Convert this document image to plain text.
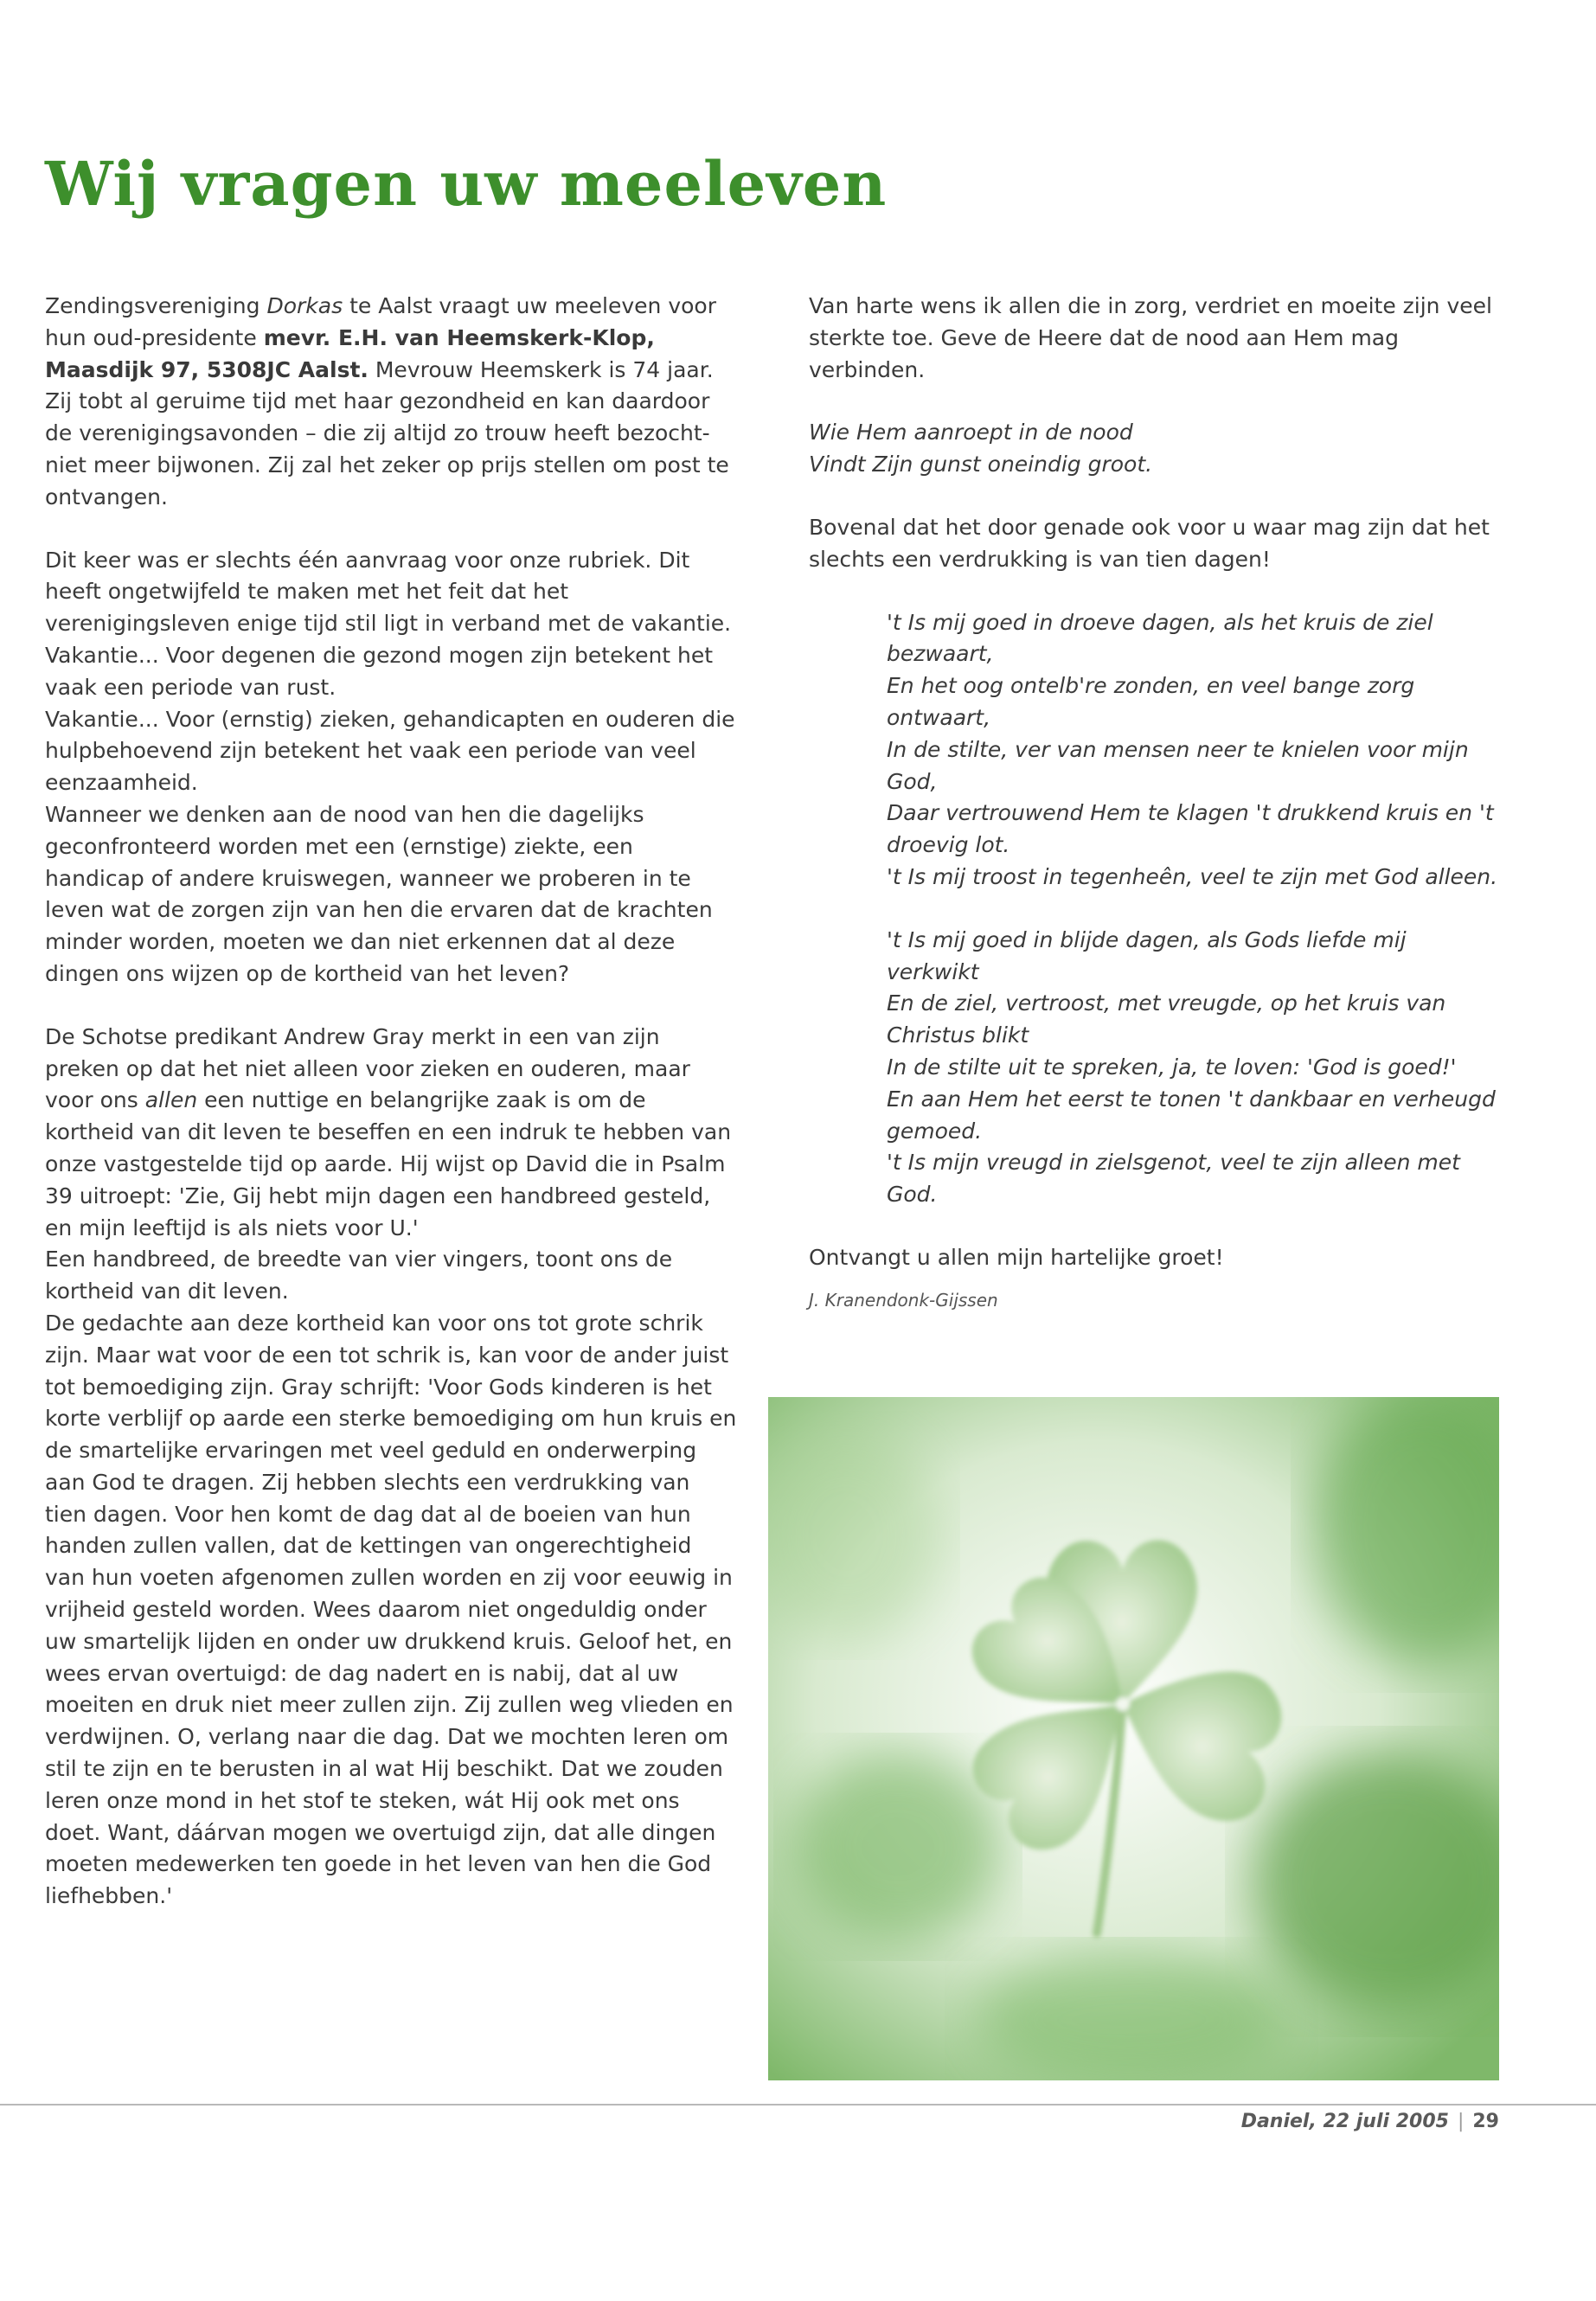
Wij vragen uw meeleven
Zendingsvereniging Dorkas te Aalst vraagt uw meeleven voor hun oud-presidente mevr. E.H. van Heemskerk-Klop, Maasdijk 97, 5308JC Aalst. Mevrouw Heemskerk is 74 jaar. Zij tobt al geruime tijd met haar gezondheid en kan daardoor de verenigingsavonden – die zij altijd zo trouw heeft bezocht- niet meer bijwonen. Zij zal het zeker op prijs stellen om post te ontvangen.

Dit keer was er slechts één aanvraag voor onze rubriek. Dit heeft ongetwijfeld te maken met het feit dat het verenigingsleven enige tijd stil ligt in verband met de vakantie.

Vakantie... Voor degenen die gezond mogen zijn betekent het vaak een periode van rust.

Vakantie... Voor (ernstig) zieken, gehandicapten en ouderen die hulpbehoevend zijn betekent het vaak een periode van veel eenzaamheid.

Wanneer we denken aan de nood van hen die dagelijks geconfronteerd worden met een (ernstige) ziekte, een handicap of andere kruiswegen, wanneer we proberen in te leven wat de zorgen zijn van hen die ervaren dat de krachten minder worden, moeten we dan niet erkennen dat al deze dingen ons wijzen op de kortheid van het leven?

De Schotse predikant Andrew Gray merkt in een van zijn preken op dat het niet alleen voor zieken en ouderen, maar voor ons allen een nuttige en belangrijke zaak is om de kortheid van dit leven te beseffen en een indruk te hebben van onze vastgestelde tijd op aarde. Hij wijst op David die in Psalm 39 uitroept: 'Zie, Gij hebt mijn dagen een handbreed gesteld, en mijn leeftijd is als niets voor U.'

Een handbreed, de breedte van vier vingers, toont ons de kortheid van dit leven.

De gedachte aan deze kortheid kan voor ons tot grote schrik zijn. Maar wat voor de een tot schrik is, kan voor de ander juist tot bemoediging zijn. Gray schrijft: 'Voor Gods kinderen is het korte verblijf op aarde een sterke bemoediging om hun kruis en de smartelijke ervaringen met veel geduld en onderwerping aan God te dragen. Zij hebben slechts een verdrukking van tien dagen. Voor hen komt de dag dat al de boeien van hun handen zullen vallen, dat de kettingen van ongerechtigheid van hun voeten afgenomen zullen worden en zij voor eeuwig in vrijheid gesteld worden. Wees daarom niet ongeduldig onder uw smartelijk lijden en onder uw drukkend kruis. Geloof het, en wees ervan overtuigd: de dag nadert en is nabij, dat al uw moeiten en druk niet meer zullen zijn. Zij zullen weg vlieden en verdwijnen. O, verlang naar die dag. Dat we mochten leren om stil te zijn en te berusten in al wat Hij beschikt. Dat we zouden leren onze mond in het stof te steken, wát Hij ook met ons doet. Want, dáárvan mogen we overtuigd zijn, dat alle dingen moeten medewerken ten goede in het leven van hen die God liefhebben.'

Van harte wens ik allen die in zorg, verdriet en moeite zijn veel sterkte toe. Geve de Heere dat de nood aan Hem mag verbinden.

Wie Hem aanroept in de nood

Vindt Zijn gunst oneindig groot.

Bovenal dat het door genade ook voor u waar mag zijn dat het slechts een verdrukking is van tien dagen!

't Is mij goed in droeve dagen, als het kruis de ziel bezwaart,

En het oog ontelb're zonden, en veel bange zorg ontwaart,

In de stilte, ver van mensen neer te knielen voor mijn God,

Daar vertrouwend Hem te klagen 't drukkend kruis en 't droevig lot.

't Is mij troost in tegenheên, veel te zijn met God alleen.

't Is mij goed in blijde dagen, als Gods liefde mij verkwikt

En de ziel, vertroost, met vreugde, op het kruis van Christus blikt

In de stilte uit te spreken, ja, te loven: 'God is goed!'

En aan Hem het eerst te tonen 't dankbaar en verheugd gemoed.

't Is mijn vreugd in zielsgenot, veel te zijn alleen met God.

Ontvangt u allen mijn hartelijke groet!

J. Kranendonk-Gijssen
Daniel, 22 juli 2005 | 29
